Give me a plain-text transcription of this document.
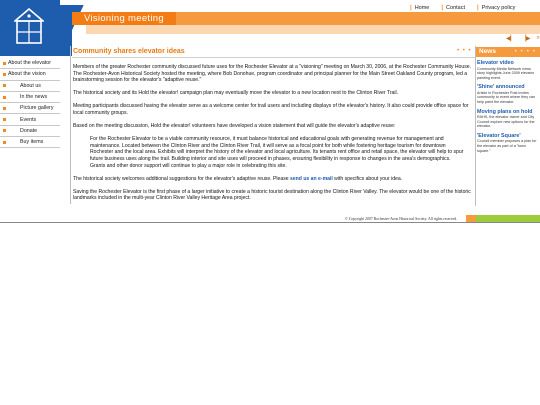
| Home | Contact | Privacy policy
Visioning meeting
◀▏ ▕▶ ⌕
About the elevator
About the vision
About us
In the news
Picture gallery
Events
Donate
Buy items
Community shares elevator ideas	• • •

Members of the greater Rochester community discussed future uses for the Rochester Elevator at a "visioning" meeting on March 30, 2006, at the Rochester Community House. The Rochester-Avon Historical Society hosted the meeting, where Bob Donohue, program coordinator and principal planner for the Main Street Oakland County program, led a brainstorming session for the elevator's "adaptive reuse."

The historical society and its Hold the elevator! campaign plan may eventually move the elevator to a new location next to the Clinton River Trail.

Meeting participants discussed having the elevator serve as a welcome center for trail users and including displays of the elevator's history. It also could provide office space for local community groups.

Based on the meeting discussion, Hold the elevator! volunteers have developed a vision statement that will guide the elevator's adaptive reuse:

For the Rochester Elevator to be a viable community resource, it must balance historical and educational goals with generating revenue for management and maintenance. Located between the Clinton River and the Clinton River Trail, it will serve as a focal point for both while fostering heritage tourism for downtown Rochester and the local area. Exhibits will interpret the history of the elevator and local agriculture. Its tenants rent office and retail space, the elevator will help to spur future business uses along the trail. Building interior and site uses will proceed in phases, ensuring flexibility in response to changes in the area's demographics. Grants and other donor support will continue to play a major role in celebrating this site.

The historical society welcomes additional suggestions for the elevator's adaptive reuse. Please send us an e-mail with specifics about your idea.

Saving the Rochester Elevator is the first phase of a larger initiative to create a historic tourist destination along the Clinton River Valley. The elevator would be one of the historic landmarks included in the multi-year Clinton River Valley Heritage Area project.

News	• • • •
Elevator video
Community Media Network news story highlights June 2009 elevator painting event.
'Shine' announced
Article in Rochester Post invites community to event where they can help paint the elevator.
Moving plans on hold
RAHS, the elevator owner and City Council explore new options for the elevator.
'Elevator Square'
Council member proposes a plan for the elevator as part of a "town square."
© Copyright 2007 Rochester-Avon Historical Society. All rights reserved.
